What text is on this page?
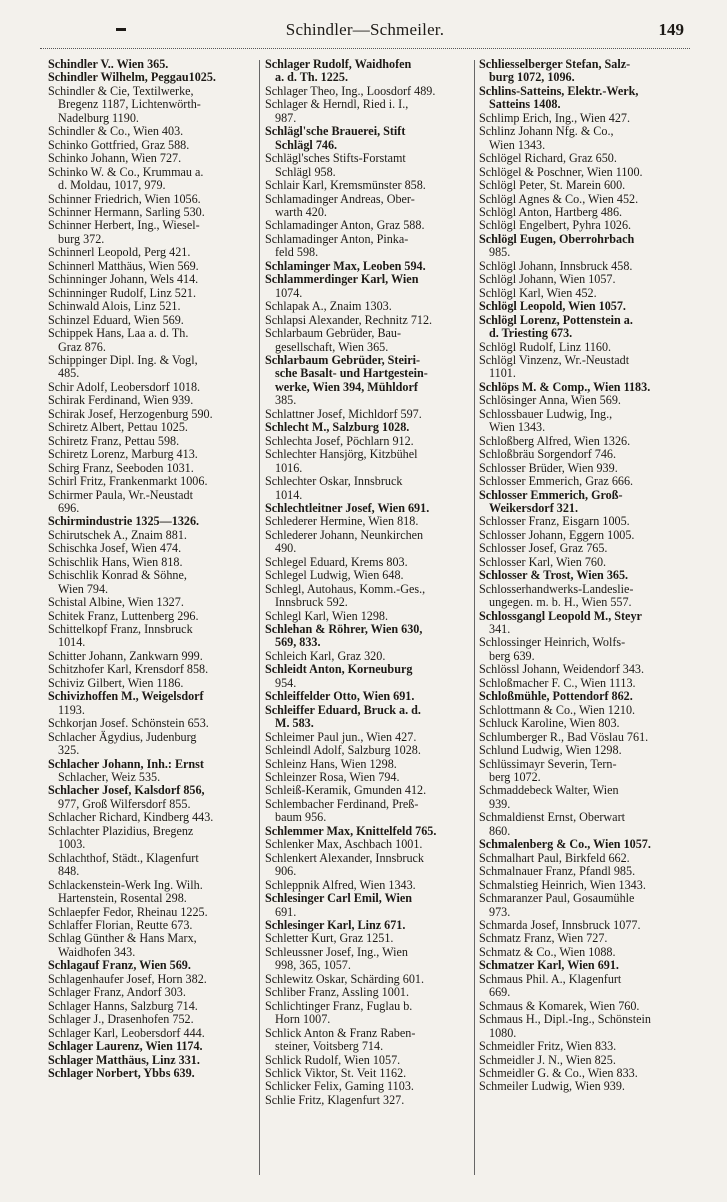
Schindler—Schmeiler.	149
Schindler V.. Wien 365.
Schindler Wilhelm, Peggau1025.
Schindler & Cie, Textilwerke,
Bregenz 1187, Lichtenwörth-
Nadelburg 1190.
Schindler & Co., Wien 403.
Schinko Gottfried, Graz 588.
Schinko Johann, Wien 727.
Schinko W. & Co., Krummau a.
d. Moldau, 1017, 979.
Schinner Friedrich, Wien 1056.
Schinner Hermann, Sarling 530.
Schinner Herbert, Ing., Wiesel-
burg 372.
Schinnerl Leopold, Perg 421.
Schinnerl Matthäus, Wien 569.
Schinninger Johann, Wels 414.
Schinninger Rudolf, Linz 521.
Schinwald Alois, Linz 521.
Schinzel Eduard, Wien 569.
Schippek Hans, Laa a. d. Th.
Graz 876.
Schippinger Dipl. Ing. & Vogl,
485.
Schir Adolf, Leobersdorf 1018.
Schirak Ferdinand, Wien 939.
Schirak Josef, Herzogenburg 590.
Schiretz Albert, Pettau 1025.
Schiretz Franz, Pettau 598.
Schiretz Lorenz, Marburg 413.
Schirg Franz, Seeboden 1031.
Schirl Fritz, Frankenmarkt 1006.
Schirmer Paula, Wr.-Neustadt
696.
Schirmindustrie 1325—1326.
Schirutschek A., Znaim 881.
Schischka Josef, Wien 474.
Schischlik Hans, Wien 818.
Schischlik Konrad & Söhne,
Wien 794.
Schistal Albine, Wien 1327.
Schitek Franz, Luttenberg 296.
Schittelkopf Franz, Innsbruck
1014.
Schitter Johann, Zankwarn 999.
Schitzhofer Karl, Krensdorf 858.
Schiviz Gilbert, Wien 1186.
Schivizhoffen M., Weigelsdorf
1193.
Schkorjan Josef. Schönstein 653.
Schlacher Ägydius, Judenburg
325.
Schlacher Johann, Inh.: Ernst
Schlacher, Weiz 535.
Schlacher Josef, Kalsdorf 856,
977, Groß Wilfersdorf 855.
Schlacher Richard, Kindberg 443.
Schlachter Plazidius, Bregenz
1003.
Schlachthof, Städt., Klagenfurt
848.
Schlackenstein-Werk Ing. Wilh.
Hartenstein, Rosental 298.
Schlaepfer Fedor, Rheinau 1225.
Schlaffer Florian, Reutte 673.
Schlag Günther & Hans Marx,
Waidhofen 343.
Schlagauf Franz, Wien 569.
Schlagenhaufer Josef, Horn 382.
Schlager Franz, Andorf 303.
Schlager Hanns, Salzburg 714.
Schlager J., Drasenhofen 752.
Schlager Karl, Leobersdorf 444.
Schlager Laurenz, Wien 1174.
Schlager Matthäus, Linz 331.
Schlager Norbert, Ybbs 639.
Schlager Rudolf, Waidhofen
a. d. Th. 1225.
Schlager Theo, Ing., Loosdorf 489.
Schlager & Herndl, Ried i. I.,
987.
Schlägl'sche Brauerei, Stift
Schlägl 746.
Schlägl'sches Stifts-Forstamt
Schlägl 958.
Schlair Karl, Kremsmünster 858.
Schlamadinger Andreas, Ober-
warth 420.
Schlamadinger Anton, Graz 588.
Schlamadinger Anton, Pinka-
feld 598.
Schlaminger Max, Leoben 594.
Schlammerdinger Karl, Wien
1074.
Schlapak A., Znaim 1303.
Schlapsi Alexander, Rechnitz 712.
Schlarbaum Gebrüder, Bau-
gesellschaft, Wien 365.
Schlarbaum Gebrüder, Steiri-
sche Basalt- und Hartgestein-
werke, Wien 394, Mühldorf
385.
Schlattner Josef, Michldorf 597.
Schlecht M., Salzburg 1028.
Schlechta Josef, Pöchlarn 912.
Schlechter Hansjörg, Kitzbühel
1016.
Schlechter Oskar, Innsbruck
1014.
Schlechtleitner Josef, Wien 691.
Schlederer Hermine, Wien 818.
Schlederer Johann, Neunkirchen
490.
Schlegel Eduard, Krems 803.
Schlegel Ludwig, Wien 648.
Schlegl, Autohaus, Komm.-Ges.,
Innsbruck 592.
Schlegl Karl, Wien 1298.
Schlehan & Röhrer, Wien 630,
569, 833.
Schleich Karl, Graz 320.
Schleidt Anton, Korneuburg
954.
Schleiffelder Otto, Wien 691.
Schleiffer Eduard, Bruck a. d.
M. 583.
Schleimer Paul jun., Wien 427.
Schleindl Adolf, Salzburg 1028.
Schleinz Hans, Wien 1298.
Schleinzer Rosa, Wien 794.
Schleiß-Keramik, Gmunden 412.
Schlembacher Ferdinand, Preß-
baum 956.
Schlemmer Max, Knittelfeld 765.
Schlenker Max, Aschbach 1001.
Schlenkert Alexander, Innsbruck
906.
Schleppnik Alfred, Wien 1343.
Schlesinger Carl Emil, Wien
691.
Schlesinger Karl, Linz 671.
Schletter Kurt, Graz 1251.
Schleussner Josef, Ing., Wien
998, 365, 1057.
Schlewitz Oskar, Schärding 601.
Schliber Franz, Assling 1001.
Schlichtinger Franz, Fuglau b.
Horn 1007.
Schlick Anton & Franz Raben-
steiner, Voitsberg 714.
Schlick Rudolf, Wien 1057.
Schlick Viktor, St. Veit 1162.
Schlicker Felix, Gaming 1103.
Schlie Fritz, Klagenfurt 327.
Schliesselberger Stefan, Salz-
burg 1072, 1096.
Schlins-Satteins, Elektr.-Werk,
Satteins 1408.
Schlimp Erich, Ing., Wien 427.
Schlinz Johann Nfg. & Co.,
Wien 1343.
Schlögel Richard, Graz 650.
Schlögel & Poschner, Wien 1100.
Schlögl Peter, St. Marein 600.
Schlögl Agnes & Co., Wien 452.
Schlögl Anton, Hartberg 486.
Schlögl Engelbert, Pyhra 1026.
Schlögl Eugen, Oberrohrbach
985.
Schlögl Johann, Innsbruck 458.
Schlögl Johann, Wien 1057.
Schlögl Karl, Wien 452.
Schlögl Leopold, Wien 1057.
Schlögl Lorenz, Pottenstein a.
d. Triesting 673.
Schlögl Rudolf, Linz 1160.
Schlögl Vinzenz, Wr.-Neustadt
1101.
Schlöps M. & Comp., Wien 1183.
Schlösinger Anna, Wien 569.
Schlossbauer Ludwig, Ing.,
Wien 1343.
Schloßberg Alfred, Wien 1326.
Schloßbräu Sorgendorf 746.
Schlosser Brüder, Wien 939.
Schlosser Emmerich, Graz 666.
Schlosser Emmerich, Groß-
Weikersdorf 321.
Schlosser Franz, Eisgarn 1005.
Schlosser Johann, Eggern 1005.
Schlosser Josef, Graz 765.
Schlosser Karl, Wien 760.
Schlosser & Trost, Wien 365.
Schlosserhandwerks-Landeslie-
ungegen. m. b. H., Wien 557.
Schlossgangl Leopold M., Steyr
341.
Schlossinger Heinrich, Wolfs-
berg 639.
Schlössl Johann, Weidendorf 343.
Schloßmacher F. C., Wien 1113.
Schloßmühle, Pottendorf 862.
Schlottmann & Co., Wien 1210.
Schluck Karoline, Wien 803.
Schlumberger R., Bad Vöslau 761.
Schlund Ludwig, Wien 1298.
Schlüssimayr Severin, Tern-
berg 1072.
Schmaddebeck Walter, Wien
939.
Schmaldienst Ernst, Oberwart
860.
Schmalenberg & Co., Wien 1057.
Schmalhart Paul, Birkfeld 662.
Schmalnauer Franz, Pfandl 985.
Schmalstieg Heinrich, Wien 1343.
Schmaranzer Paul, Gosaumühle
973.
Schmarda Josef, Innsbruck 1077.
Schmatz Franz, Wien 727.
Schmatz & Co., Wien 1088.
Schmatzer Karl, Wien 691.
Schmaus Phil. A., Klagenfurt
669.
Schmaus & Komarek, Wien 760.
Schmaus H., Dipl.-Ing., Schönstein
1080.
Schmeidler Fritz, Wien 833.
Schmeidler J. N., Wien 825.
Schmeidler G. & Co., Wien 833.
Schmeiler Ludwig, Wien 939.
